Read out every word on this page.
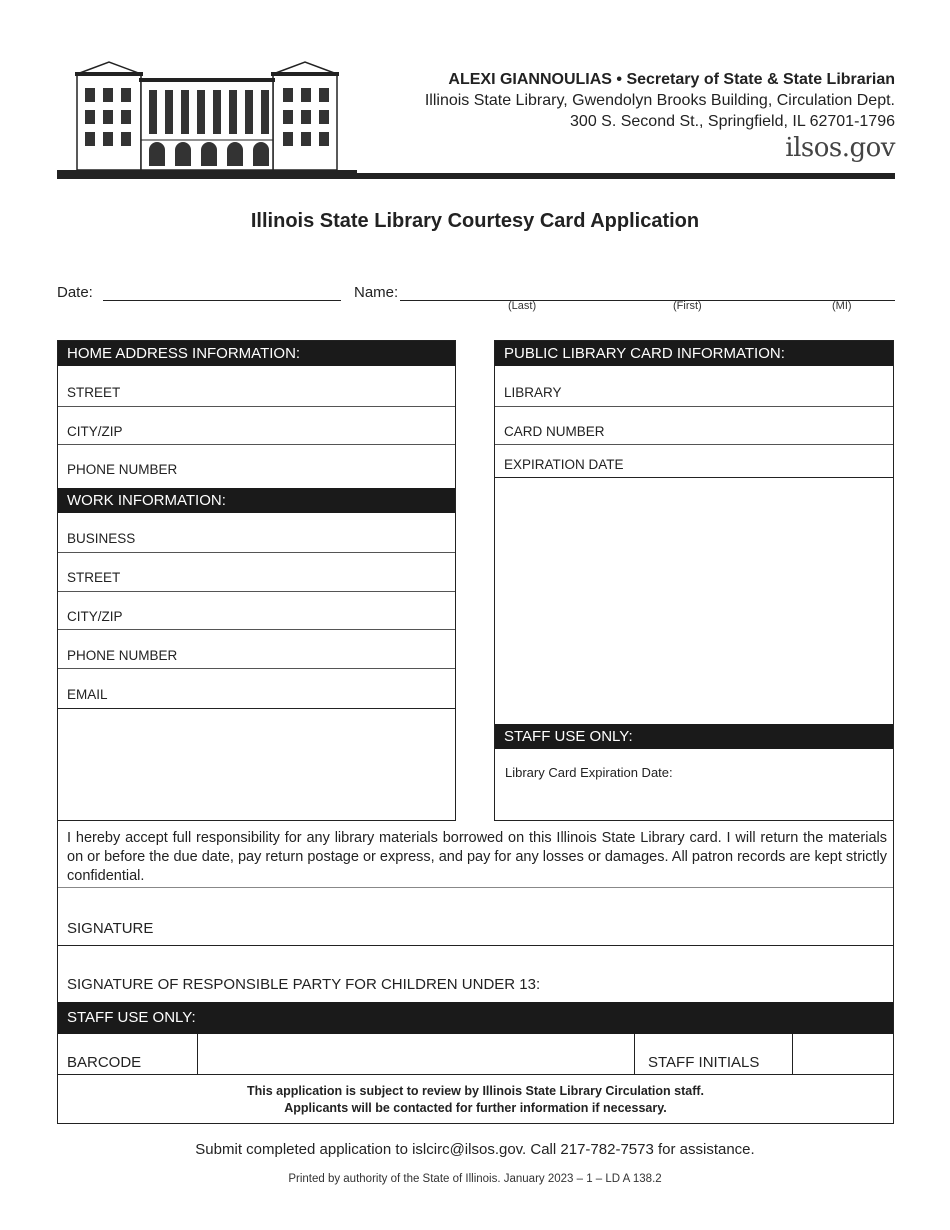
ALEXI GIANNOULIAS • Secretary of State & State Librarian
Illinois State Library, Gwendolyn Brooks Building, Circulation Dept.
300 S. Second St., Springfield, IL 62701-1796
ilsos.gov
Illinois State Library Courtesy Card Application
Date:	Name:
(Last)	(First)	(MI)
HOME ADDRESS INFORMATION:
STREET
CITY/ZIP
PHONE NUMBER
WORK INFORMATION:
BUSINESS
STREET
CITY/ZIP
PHONE NUMBER
EMAIL
PUBLIC LIBRARY CARD INFORMATION:
LIBRARY
CARD NUMBER
EXPIRATION DATE
STAFF USE ONLY:
Library Card Expiration Date:
I hereby accept full responsibility for any library materials borrowed on this Illinois State Library card. I will return the materials on or before the due date, pay return postage or express, and pay for any losses or damages. All patron records are kept strictly confidential.
SIGNATURE
SIGNATURE OF RESPONSIBLE PARTY FOR CHILDREN UNDER 13:
STAFF USE ONLY:
BARCODE	STAFF INITIALS
This application is subject to review by Illinois State Library Circulation staff.
Applicants will be contacted for further information if necessary.
Submit completed application to islcirc@ilsos.gov. Call 217-782-7573 for assistance.
Printed by authority of the State of Illinois. January 2023 – 1 – LD A 138.2
